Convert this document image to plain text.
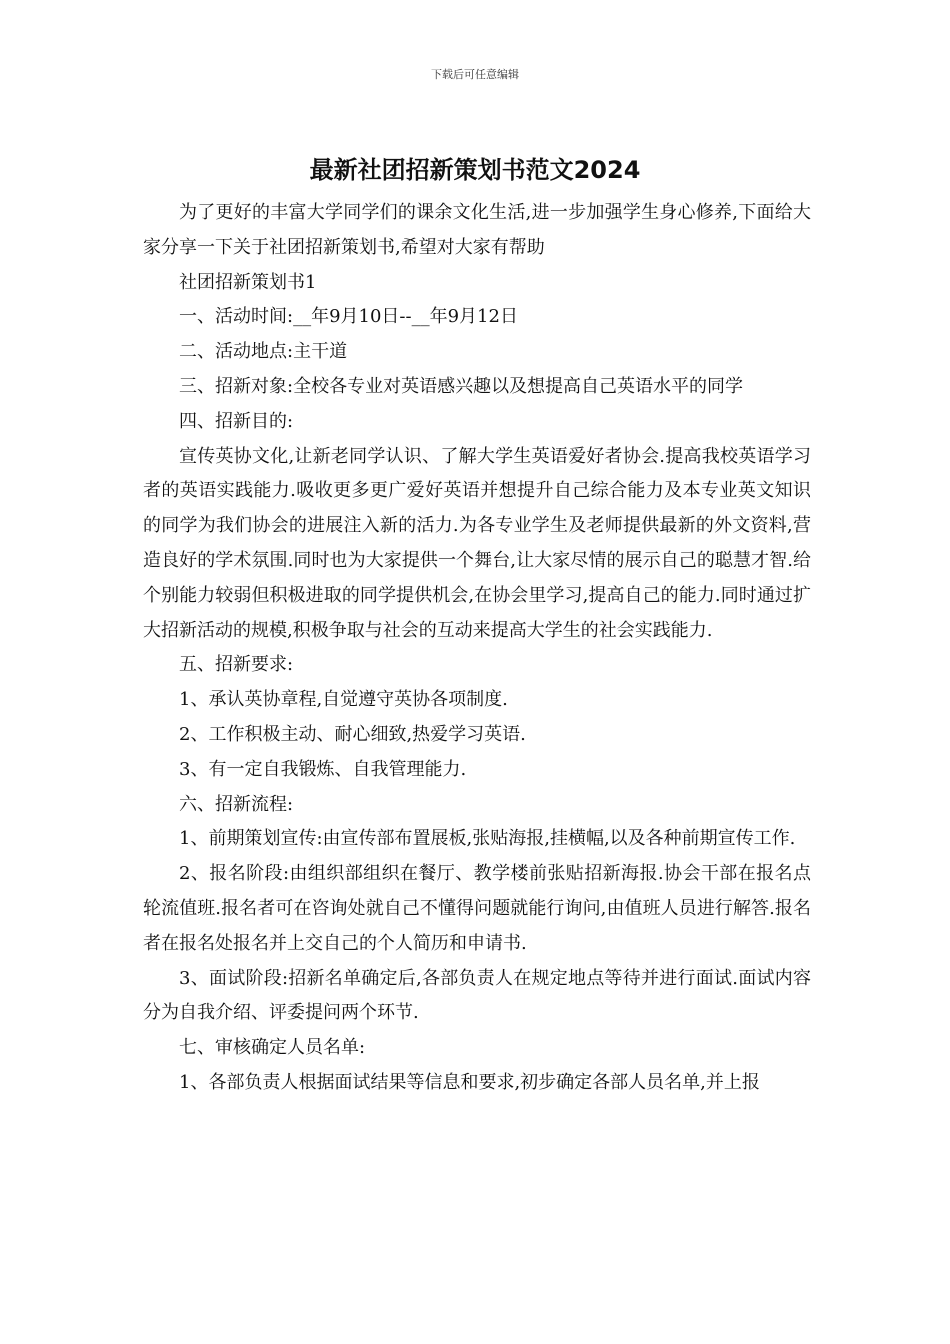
下载后可任意编辑
最新社团招新策划书范文2024

为了更好的丰富大学同学们的课余文化生活,进一步加强学生身心修养,下面给大家分享一下关于社团招新策划书,希望对大家有帮助

社团招新策划书1

一、活动时间:__年9月10日--__年9月12日

二、活动地点:主干道

三、招新对象:全校各专业对英语感兴趣以及想提高自己英语水平的同学

四、招新目的:

宣传英协文化,让新老同学认识、了解大学生英语爱好者协会.提高我校英语学习者的英语实践能力.吸收更多更广爱好英语并想提升自己综合能力及本专业英文知识的同学为我们协会的进展注入新的活力.为各专业学生及老师提供最新的外文资料,营造良好的学术氛围.同时也为大家提供一个舞台,让大家尽情的展示自己的聪慧才智.给个别能力较弱但积极进取的同学提供机会,在协会里学习,提高自己的能力.同时通过扩大招新活动的规模,积极争取与社会的互动来提高大学生的社会实践能力.

五、招新要求:

1、承认英协章程,自觉遵守英协各项制度.

2、工作积极主动、耐心细致,热爱学习英语.

3、有一定自我锻炼、自我管理能力.

六、招新流程:

1、前期策划宣传:由宣传部布置展板,张贴海报,挂横幅,以及各种前期宣传工作.

2、报名阶段:由组织部组织在餐厅、教学楼前张贴招新海报.协会干部在报名点轮流值班.报名者可在咨询处就自己不懂得问题就能行询问,由值班人员进行解答.报名者在报名处报名并上交自己的个人简历和申请书.

3、面试阶段:招新名单确定后,各部负责人在规定地点等待并进行面试.面试内容分为自我介绍、评委提问两个环节.

七、审核确定人员名单:

1、各部负责人根据面试结果等信息和要求,初步确定各部人员名单,并上报
